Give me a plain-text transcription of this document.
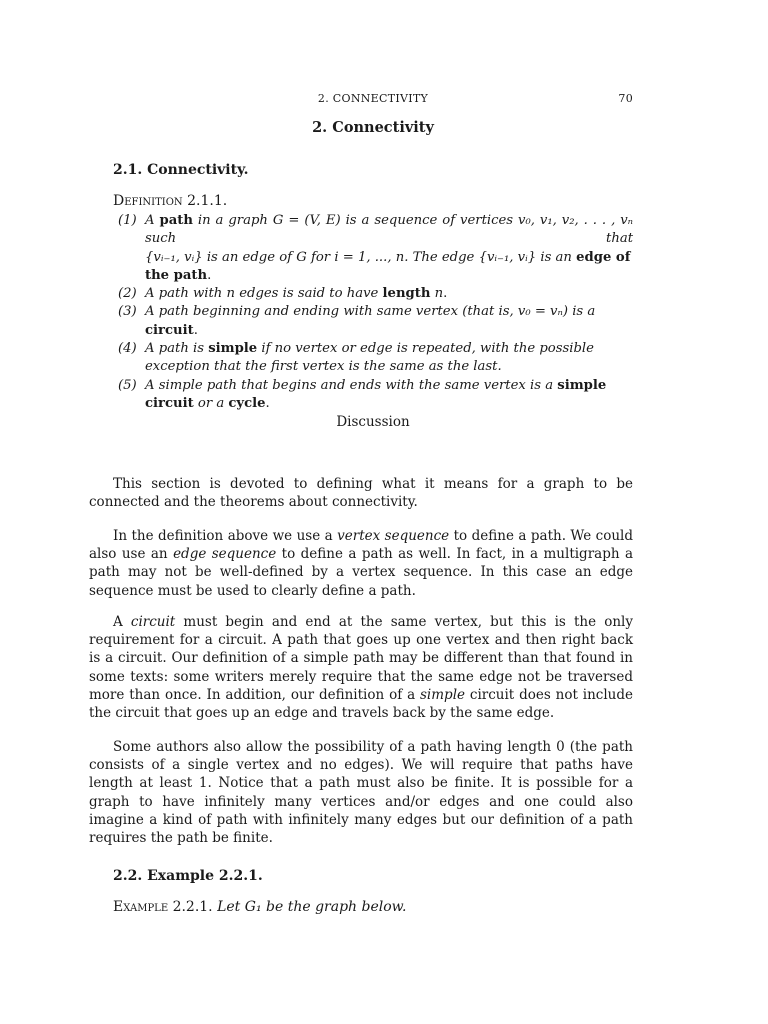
2. CONNECTIVITY	70
2. Connectivity
2.1. Connectivity.
Definition 2.1.1.
(1) A path in a graph G = (V, E) is a sequence of vertices v₀, v₁, v₂, . . . , vₙ such that
{vᵢ₋₁, vᵢ} is an edge of G for i = 1, ..., n. The edge {vᵢ₋₁, vᵢ} is an edge of the path.
(2) A path with n edges is said to have length n.
(3) A path beginning and ending with same vertex (that is, v₀ = vₙ) is a circuit.
(4) A path is simple if no vertex or edge is repeated, with the possible exception that the first vertex is the same as the last.
(5) A simple path that begins and ends with the same vertex is a simple circuit or a cycle.
Discussion

This section is devoted to defining what it means for a graph to be connected and the theorems about connectivity.

In the definition above we use a vertex sequence to define a path. We could also use an edge sequence to define a path as well. In fact, in a multigraph a path may not be well-defined by a vertex sequence. In this case an edge sequence must be used to clearly define a path.

A circuit must begin and end at the same vertex, but this is the only requirement for a circuit. A path that goes up one vertex and then right back is a circuit. Our definition of a simple path may be different than that found in some texts: some writers merely require that the same edge not be traversed more than once. In addition, our definition of a simple circuit does not include the circuit that goes up an edge and travels back by the same edge.

Some authors also allow the possibility of a path having length 0 (the path consists of a single vertex and no edges). We will require that paths have length at least 1. Notice that a path must also be finite. It is possible for a graph to have infinitely many vertices and/or edges and one could also imagine a kind of path with infinitely many edges but our definition of a path requires the path be finite.

2.2. Example 2.2.1.
Example 2.2.1. Let G₁ be the graph below.
